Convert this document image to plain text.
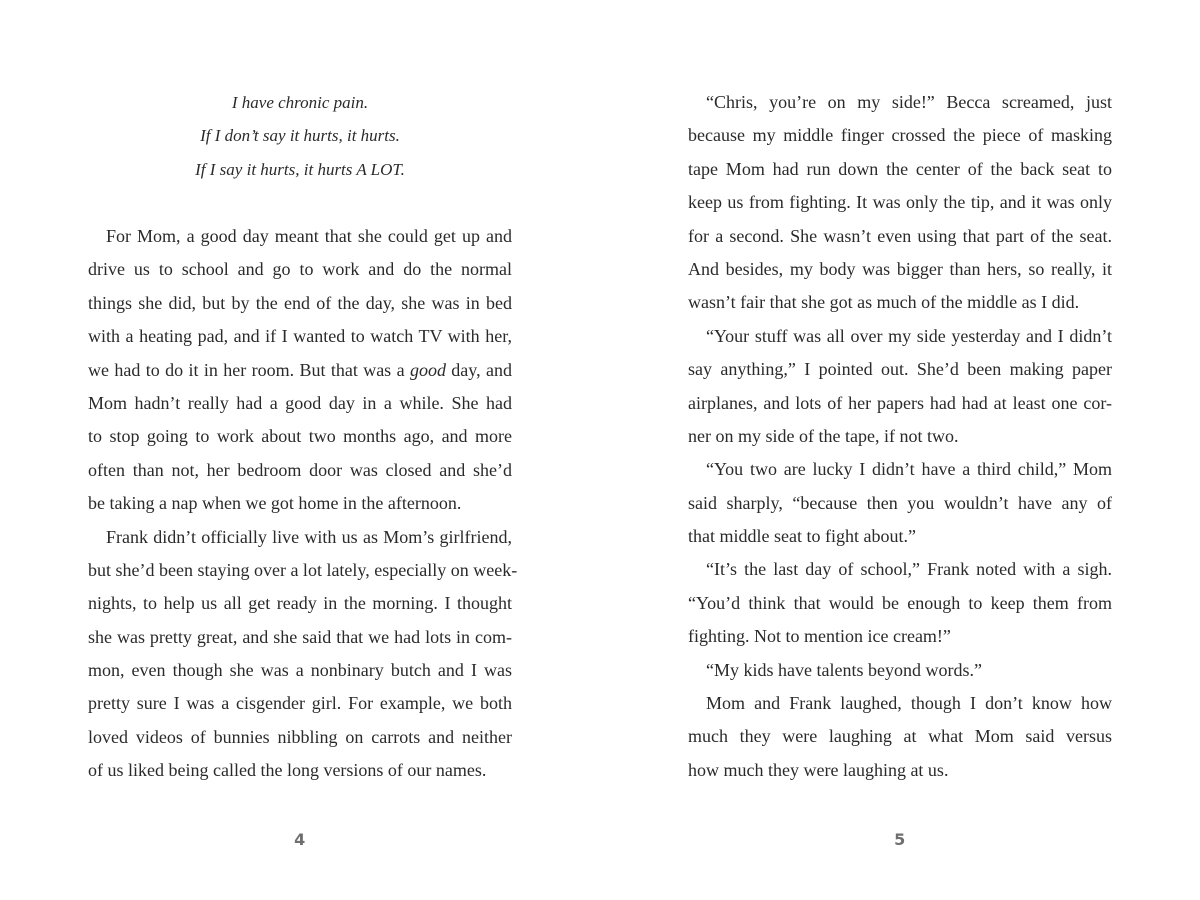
I have chronic pain.
If I don’t say it hurts, it hurts.
If I say it hurts, it hurts A LOT.
For Mom, a good day meant that she could get up and
drive us to school and go to work and do the normal
things she did, but by the end of the day, she was in bed
with a heating pad, and if I wanted to watch TV with her,
we had to do it in her room. But that was a good day, and
Mom hadn’t really had a good day in a while. She had
to stop going to work about two months ago, and more
often than not, her bedroom door was closed and she’d
be taking a nap when we got home in the afternoon.
Frank didn’t officially live with us as Mom’s girlfriend,
but she’d been staying over a lot lately, especially on week-
nights, to help us all get ready in the morning. I thought
she was pretty great, and she said that we had lots in com-
mon, even though she was a nonbinary butch and I was
pretty sure I was a cisgender girl. For example, we both
loved videos of bunnies nibbling on carrots and neither
of us liked being called the long versions of our names.
4
“Chris, you’re on my side!” Becca screamed, just
because my middle finger crossed the piece of masking
tape Mom had run down the center of the back seat to
keep us from fighting. It was only the tip, and it was only
for a second. She wasn’t even using that part of the seat.
And besides, my body was bigger than hers, so really, it
wasn’t fair that she got as much of the middle as I did.
“Your stuff was all over my side yesterday and I didn’t
say anything,” I pointed out. She’d been making paper
airplanes, and lots of her papers had had at least one cor-
ner on my side of the tape, if not two.
“You two are lucky I didn’t have a third child,” Mom
said sharply, “because then you wouldn’t have any of
that middle seat to fight about.”
“It’s the last day of school,” Frank noted with a sigh.
“You’d think that would be enough to keep them from
fighting. Not to mention ice cream!”
“My kids have talents beyond words.”
Mom and Frank laughed, though I don’t know how
much they were laughing at what Mom said versus
how much they were laughing at us.
5
